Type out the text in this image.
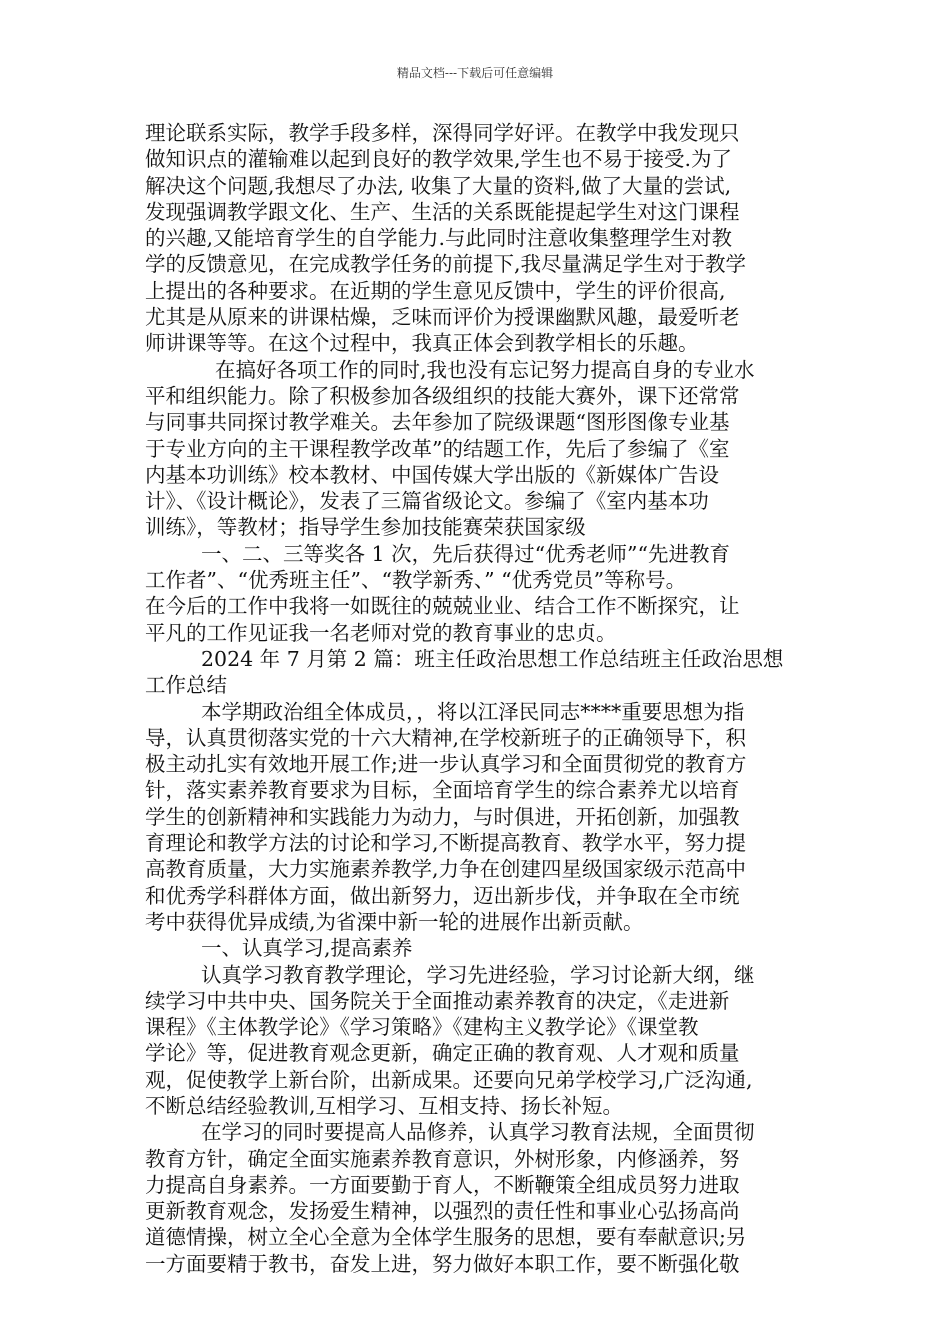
精品文档---下载后可任意编辑
理论联系实际，教学手段多样，深得同学好评。在教学中我发现只
做知识点的灌输难以起到良好的教学效果,学生也不易于接受.为了
解决这个问题,我想尽了办法, 收集了大量的资料,做了大量的尝试,
发现强调教学跟文化、生产、生活的关系既能提起学生对这门课程
的兴趣,又能培育学生的自学能力.与此同时注意收集整理学生对教
学的反馈意见，在完成教学任务的前提下,我尽量满足学生对于教学
上提出的各种要求。在近期的学生意见反馈中，学生的评价很高,
尤其是从原来的讲课枯燥，乏味而评价为授课幽默风趣，最爱听老
师讲课等等。在这个过程中，我真正体会到教学相长的乐趣。
在搞好各项工作的同时,我也没有忘记努力提高自身的专业水
平和组织能力。除了积极参加各级组织的技能大赛外，课下还常常
与同事共同探讨教学难关。去年参加了院级课题“图形图像专业基
于专业方向的主干课程教学改革”的结题工作，先后了参编了《室
内基本功训练》校本教材、中国传媒大学出版的《新媒体广告设
计》、《设计概论》，发表了三篇省级论文。参编了《室内基本功
训练》，等教材；指导学生参加技能赛荣获国家级
一、二、三等奖各 1 次，先后获得过“优秀老师”“先进教育
工作者”、“优秀班主任”、“教学新秀、” “优秀党员”等称号。
在今后的工作中我将一如既往的兢兢业业、结合工作不断探究，让
平凡的工作见证我一名老师对党的教育事业的忠贞。
2024 年 7 月第 2 篇：班主任政治思想工作总结班主任政治思想
工作总结
本学期政治组全体成员，，将以江泽民同志****重要思想为指
导，认真贯彻落实党的十六大精神,在学校新班子的正确领导下，积
极主动扎实有效地开展工作;进一步认真学习和全面贯彻党的教育方
针，落实素养教育要求为目标，全面培育学生的综合素养尤以培育
学生的创新精神和实践能力为动力，与时俱进，开拓创新，加强教
育理论和教学方法的讨论和学习,不断提高教育、教学水平，努力提
高教育质量，大力实施素养教学,力争在创建四星级国家级示范高中
和优秀学科群体方面，做出新努力，迈出新步伐，并争取在全市统
考中获得优异成绩,为省溧中新一轮的进展作出新贡献。
一、认真学习,提高素养
认真学习教育教学理论，学习先进经验，学习讨论新大纲，继
续学习中共中央、国务院关于全面推动素养教育的决定，《走进新
课程》《主体教学论》《学习策略》《建构主义教学论》《课堂教
学论》等，促进教育观念更新，确定正确的教育观、人才观和质量
观，促使教学上新台阶，出新成果。还要向兄弟学校学习,广泛沟通,
不断总结经验教训,互相学习、互相支持、扬长补短。
在学习的同时要提高人品修养，认真学习教育法规，全面贯彻
教育方针，确定全面实施素养教育意识，外树形象，内修涵养，努
力提高自身素养。一方面要勤于育人，不断鞭策全组成员努力进取
更新教育观念，发扬爱生精神，以强烈的责任性和事业心弘扬高尚
道德情操，树立全心全意为全体学生服务的思想，要有奉献意识;另
一方面要精于教书，奋发上进，努力做好本职工作，要不断强化敬
